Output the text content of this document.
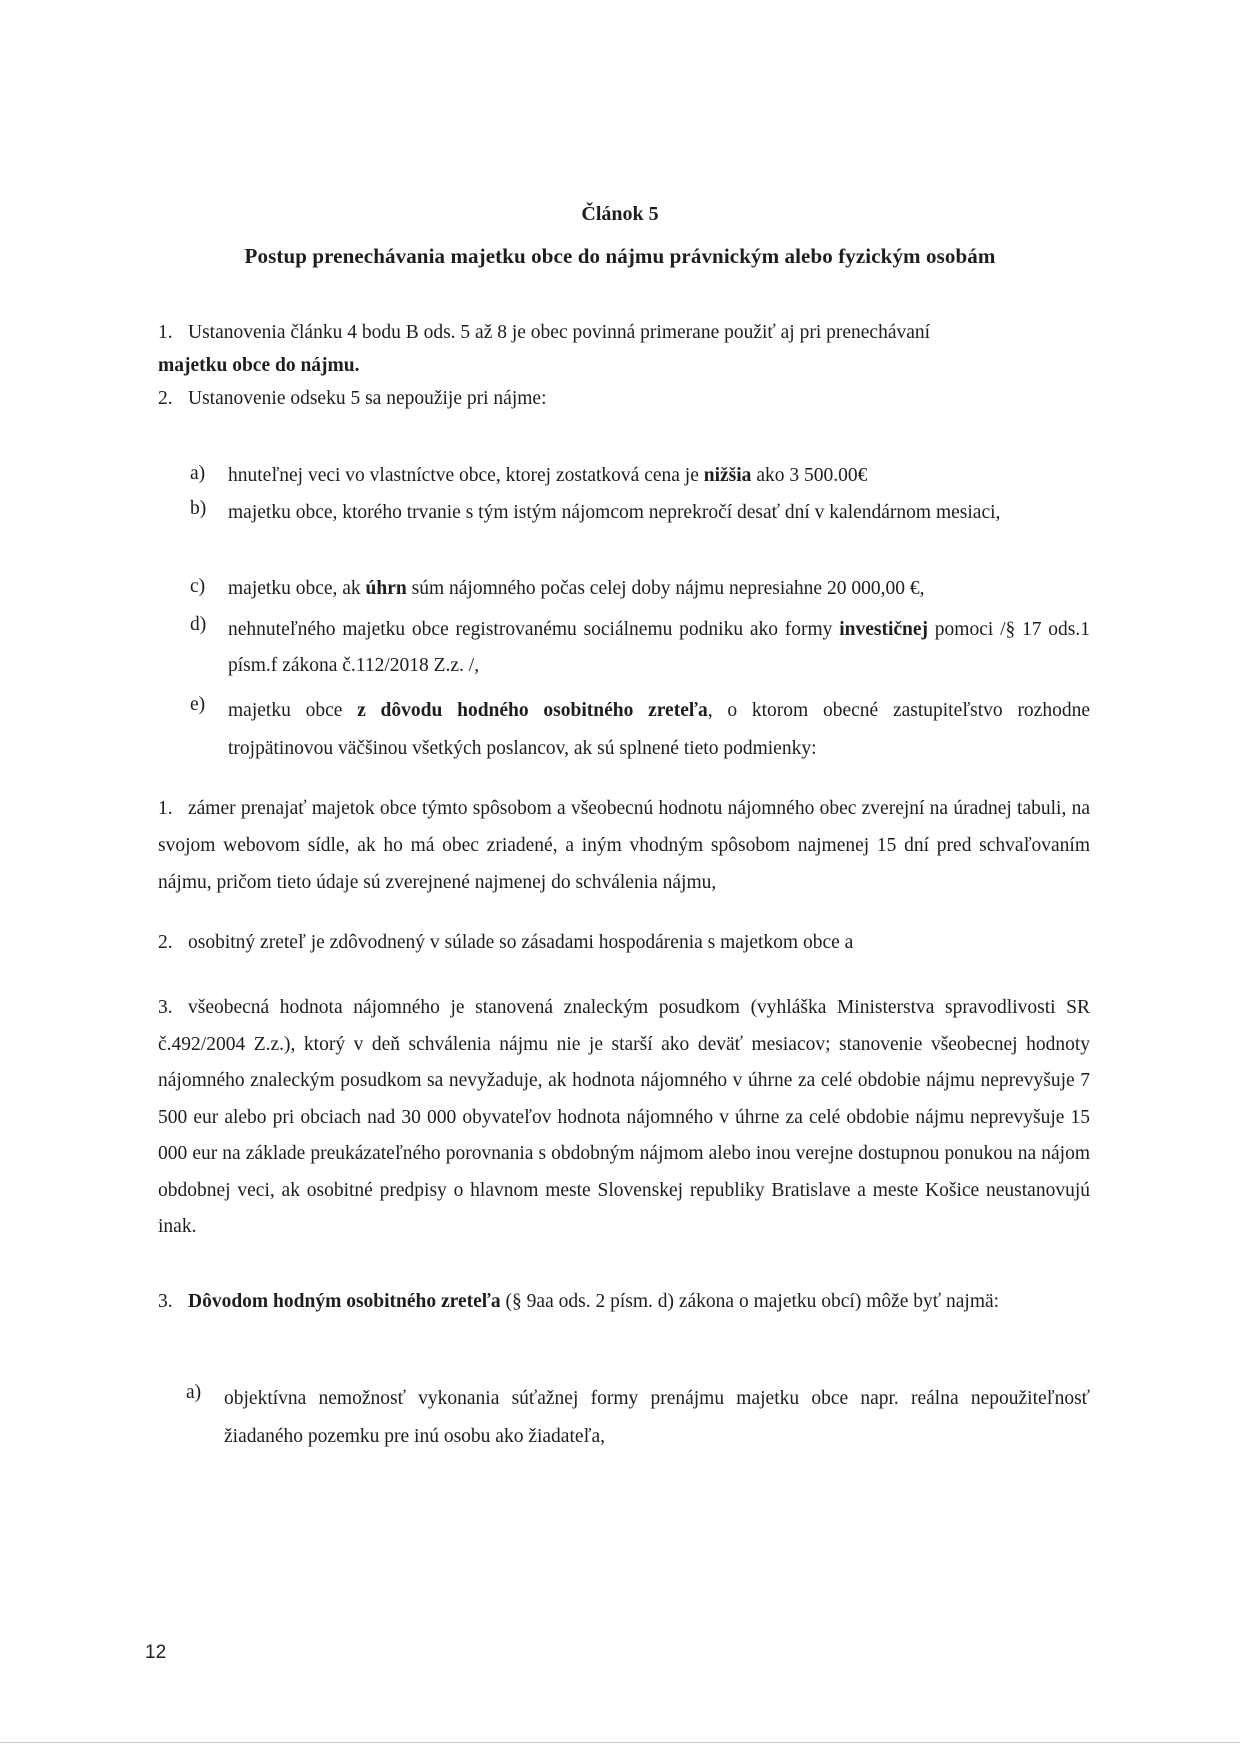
Článok 5
Postup prenechávania majetku obce do nájmu právnickým alebo fyzickým osobám
1. Ustanovenia článku 4 bodu B ods. 5 až 8 je obec povinná primerane použiť aj pri prenechávaní
majetku obce do nájmu.
2. Ustanovenie odseku 5 sa nepoužije pri nájme:
a) hnuteľnej veci vo vlastníctve obce, ktorej zostatková cena je nižšia ako 3 500.00€
b) majetku obce, ktorého trvanie s tým istým nájomcom neprekročí desať dní v kalendárnom mesiaci,
c) majetku obce, ak úhrn súm nájomného počas celej doby nájmu nepresiahne 20 000,00 €,
d) nehnuteľného majetku obce registrovanému sociálnemu podniku ako formy investičnej pomoci /§ 17 ods.1 písm.f zákona č.112/2018 Z.z. /,
e) majetku obce z dôvodu hodného osobitného zreteľa, o ktorom obecné zastupiteľstvo rozhodne trojpätinovou väčšinou všetkých poslancov, ak sú splnené tieto podmienky:
1. zámer prenajať majetok obce týmto spôsobom a všeobecnú hodnotu nájomného obec zverejní na úradnej tabuli, na svojom webovom sídle, ak ho má obec zriadené, a iným vhodným spôsobom najmenej 15 dní pred schvaľovaním nájmu, pričom tieto údaje sú zverejnené najmenej do schválenia nájmu,
2. osobitný zreteľ je zdôvodnený v súlade so zásadami hospodárenia s majetkom obce a
3. všeobecná hodnota nájomného je stanovená znaleckým posudkom (vyhláška Ministerstva spravodlivosti SR č.492/2004 Z.z.), ktorý v deň schválenia nájmu nie je starší ako deväť mesiacov; stanovenie všeobecnej hodnoty nájomného znaleckým posudkom sa nevyžaduje, ak hodnota nájomného v úhrne za celé obdobie nájmu neprevyšuje 7 500 eur alebo pri obciach nad 30 000 obyvateľov hodnota nájomného v úhrne za celé obdobie nájmu neprevyšuje 15 000 eur na základe preukázateľného porovnania s obdobným nájmom alebo inou verejne dostupnou ponukou na nájom obdobnej veci, ak osobitné predpisy o hlavnom meste Slovenskej republiky Bratislave a meste Košice neustanovujú inak.
3. Dôvodom hodným osobitného zreteľa (§ 9aa ods. 2 písm. d) zákona o majetku obcí) môže byť najmä:
a) objektívna nemožnosť vykonania súťažnej formy prenájmu majetku obce napr. reálna nepoužiteľnosť žiadaného pozemku pre inú osobu ako žiadateľa,
12
